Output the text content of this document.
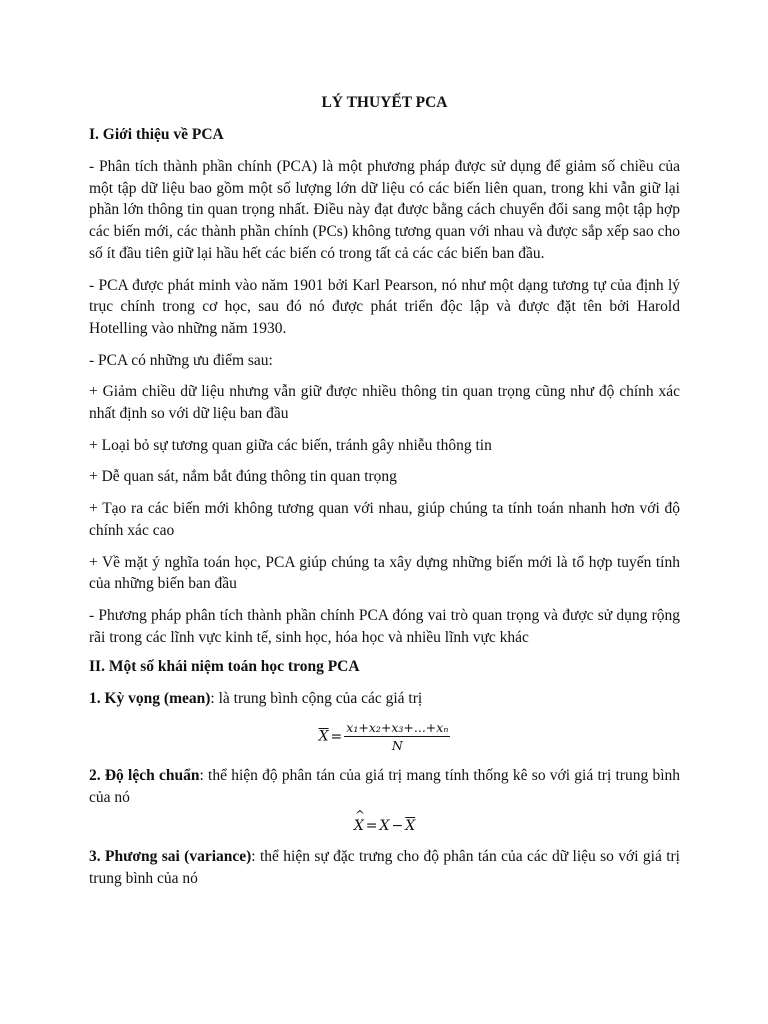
LÝ THUYẾT PCA
I. Giới thiệu về PCA

- Phân tích thành phần chính (PCA) là một phương pháp được sử dụng để giảm số chiều của một tập dữ liệu bao gồm một số lượng lớn dữ liệu có các biến liên quan, trong khi vẫn giữ lại phần lớn thông tin quan trọng nhất. Điều này đạt được bằng cách chuyển đổi sang một tập hợp các biến mới, các thành phần chính (PCs) không tương quan với nhau và được sắp xếp sao cho số ít đầu tiên giữ lại hầu hết các biến có trong tất cả các các biến ban đầu.

- PCA được phát minh vào năm 1901 bởi Karl Pearson, nó như một dạng tương tự của định lý trục chính trong cơ học, sau đó nó được phát triển độc lập và được đặt tên bởi Harold Hotelling vào những năm 1930.

- PCA có những ưu điểm sau:

+ Giảm chiều dữ liệu nhưng vẫn giữ được nhiều thông tin quan trọng cũng như độ chính xác nhất định so với dữ liệu ban đầu

+ Loại bỏ sự tương quan giữa các biến, tránh gây nhiễu thông tin

+ Dễ quan sát, nắm bắt đúng thông tin quan trọng

+ Tạo ra các biến mới không tương quan với nhau, giúp chúng ta tính toán nhanh hơn với độ chính xác cao

+ Về mặt ý nghĩa toán học, PCA giúp chúng ta xây dựng những biến mới là tổ hợp tuyến tính của những biến ban đầu

- Phương pháp phân tích thành phần chính PCA đóng vai trò quan trọng và được sử dụng rộng rãi trong các lĩnh vực kinh tế, sinh học, hóa học và nhiều lĩnh vực khác

II. Một số khái niệm toán học trong PCA

1. Kỳ vọng (mean): là trung bình cộng của các giá trị

$\overline{X} = \frac{\text{x₁+x₂+x₃+...+xₙ}}{N}$

2. Độ lệch chuẩn: thể hiện độ phân tán của giá trị mang tính thống kê so với giá trị trung bình của nó

^ $X = X - \overline{X}$

3. Phương sai (variance): thể hiện sự đặc trưng cho độ phân tán của các dữ liệu so với giá trị trung bình của nó
